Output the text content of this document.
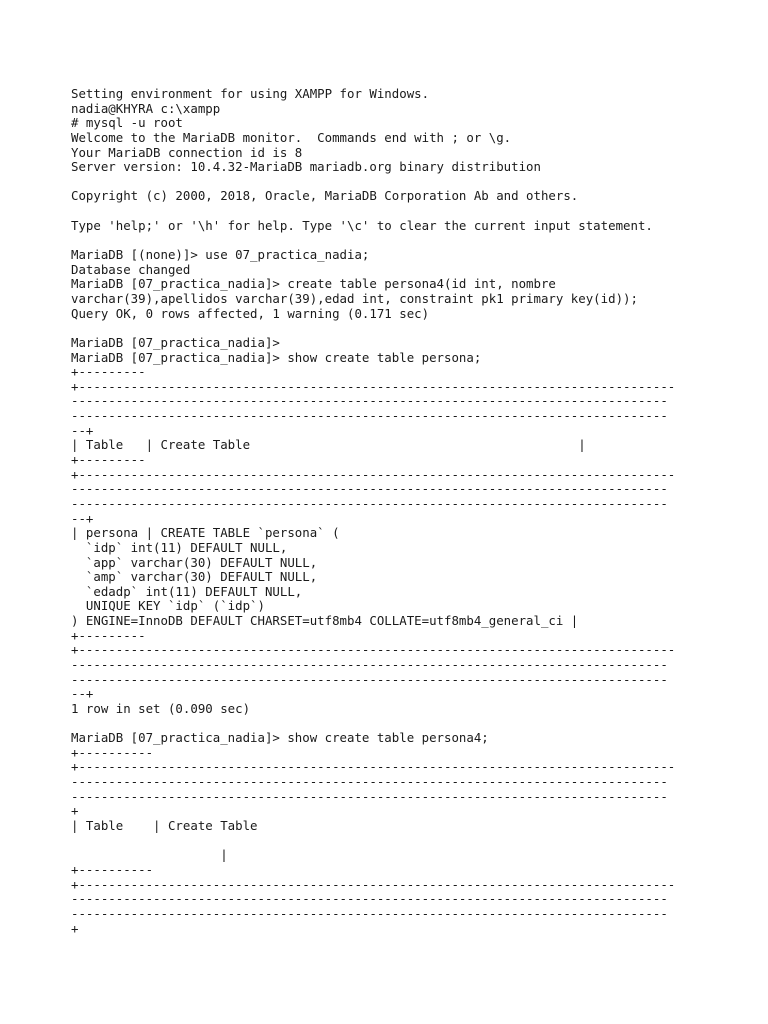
Setting environment for using XAMPP for Windows.
nadia@KHYRA c:\xampp
# mysql -u root
Welcome to the MariaDB monitor.  Commands end with ; or \g.
Your MariaDB connection id is 8
Server version: 10.4.32-MariaDB mariadb.org binary distribution
Copyright (c) 2000, 2018, Oracle, MariaDB Corporation Ab and others.
Type 'help;' or '\h' for help. Type '\c' to clear the current input statement.
MariaDB [(none)]> use 07_practica_nadia;
Database changed
MariaDB [07_practica_nadia]> create table persona4(id int, nombre
varchar(39),apellidos varchar(39),edad int, constraint pk1 primary key(id));
Query OK, 0 rows affected, 1 warning (0.171 sec)
MariaDB [07_practica_nadia]>
MariaDB [07_practica_nadia]> show create table persona;
+---------
+--------------------------------------------------------------------------------
--------------------------------------------------------------------------------
--------------------------------------------------------------------------------
--+
| Table   | Create Table                                            |
+---------
+--------------------------------------------------------------------------------
--------------------------------------------------------------------------------
--------------------------------------------------------------------------------
--+
| persona | CREATE TABLE `persona` (
`idp` int(11) DEFAULT NULL,
`app` varchar(30) DEFAULT NULL,
`amp` varchar(30) DEFAULT NULL,
`edadp` int(11) DEFAULT NULL,
UNIQUE KEY `idp` (`idp`)
) ENGINE=InnoDB DEFAULT CHARSET=utf8mb4 COLLATE=utf8mb4_general_ci |
+---------
+--------------------------------------------------------------------------------
--------------------------------------------------------------------------------
--------------------------------------------------------------------------------
--+
1 row in set (0.090 sec)
MariaDB [07_practica_nadia]> show create table persona4;
+----------
+--------------------------------------------------------------------------------
--------------------------------------------------------------------------------
--------------------------------------------------------------------------------
+
| Table    | Create Table
|
+----------
+--------------------------------------------------------------------------------
--------------------------------------------------------------------------------
--------------------------------------------------------------------------------
+
